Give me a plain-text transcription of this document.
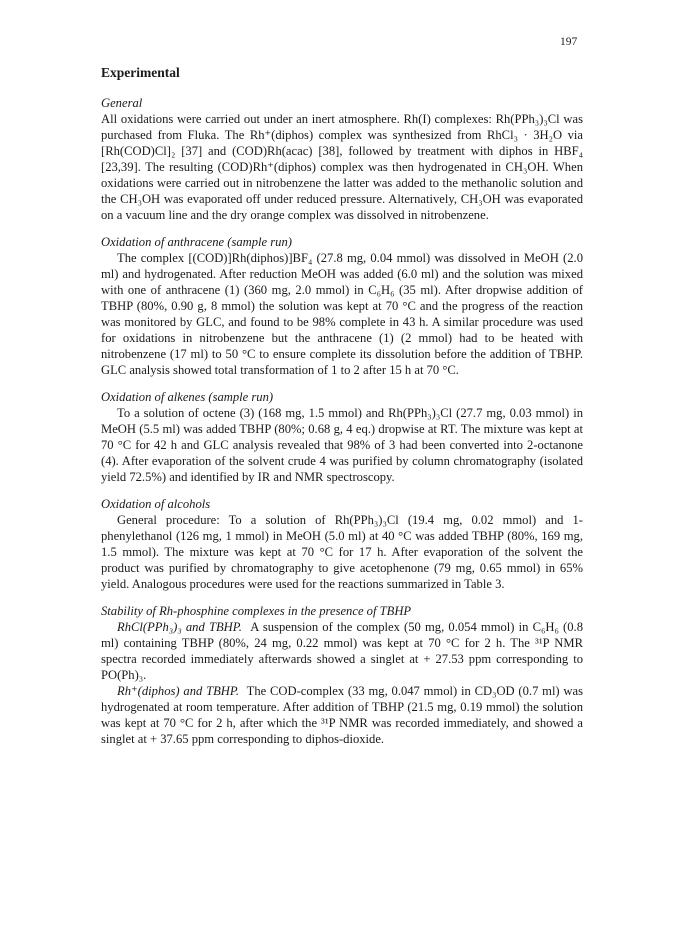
197
Experimental

General

All oxidations were carried out under an inert atmosphere. Rh(I) complexes: Rh(PPh₃)₃Cl was purchased from Fluka. The Rh⁺(diphos) complex was synthesized from RhCl₃ · 3H₂O via [Rh(COD)Cl]₂ [37] and (COD)Rh(acac) [38], followed by treatment with diphos in HBF₄ [23,39]. The resulting (COD)Rh⁺(diphos) complex was then hydrogenated in CH₃OH. When oxidations were carried out in nitrobenzene the latter was added to the methanolic solution and the CH₃OH was evaporated off under reduced pressure. Alternatively, CH₃OH was evaporated on a vacuum line and the dry orange complex was dissolved in nitrobenzene.

Oxidation of anthracene (sample run)

The complex [(COD)]Rh(diphos)]BF₄ (27.8 mg, 0.04 mmol) was dissolved in MeOH (2.0 ml) and hydrogenated. After reduction MeOH was added (6.0 ml) and the solution was mixed with one of anthracene (1) (360 mg, 2.0 mmol) in C₆H₆ (35 ml). After dropwise addition of TBHP (80%, 0.90 g, 8 mmol) the solution was kept at 70 °C and the progress of the reaction was monitored by GLC, and found to be 98% complete in 43 h. A similar procedure was used for oxidations in nitrobenzene but the anthracene (1) (2 mmol) had to be heated with nitrobenzene (17 ml) to 50 °C to ensure complete its dissolution before the addition of TBHP. GLC analysis showed total transformation of 1 to 2 after 15 h at 70 °C.

Oxidation of alkenes (sample run)

To a solution of octene (3) (168 mg, 1.5 mmol) and Rh(PPh₃)₃Cl (27.7 mg, 0.03 mmol) in MeOH (5.5 ml) was added TBHP (80%; 0.68 g, 4 eq.) dropwise at RT. The mixture was kept at 70 °C for 42 h and GLC analysis revealed that 98% of 3 had been converted into 2-octanone (4). After evaporation of the solvent crude 4 was purified by column chromatography (isolated yield 72.5%) and identified by IR and NMR spectroscopy.

Oxidation of alcohols

General procedure: To a solution of Rh(PPh₃)₃Cl (19.4 mg, 0.02 mmol) and 1-phenylethanol (126 mg, 1 mmol) in MeOH (5.0 ml) at 40 °C was added TBHP (80%, 169 mg, 1.5 mmol). The mixture was kept at 70 °C for 17 h. After evaporation of the solvent the product was purified by chromatography to give acetophenone (79 mg, 0.65 mmol) in 65% yield. Analogous procedures were used for the reactions summarized in Table 3.

Stability of Rh-phosphine complexes in the presence of TBHP

RhCl(PPh₃)₃ and TBHP. A suspension of the complex (50 mg, 0.054 mmol) in C₆H₆ (0.8 ml) containing TBHP (80%, 24 mg, 0.22 mmol) was kept at 70 °C for 2 h. The ³¹P NMR spectra recorded immediately afterwards showed a singlet at + 27.53 ppm corresponding to PO(Ph)₃.

Rh⁺(diphos) and TBHP. The COD-complex (33 mg, 0.047 mmol) in CD₃OD (0.7 ml) was hydrogenated at room temperature. After addition of TBHP (21.5 mg, 0.19 mmol) the solution was kept at 70 °C for 2 h, after which the ³¹P NMR was recorded immediately, and showed a singlet at + 37.65 ppm corresponding to diphos-dioxide.
